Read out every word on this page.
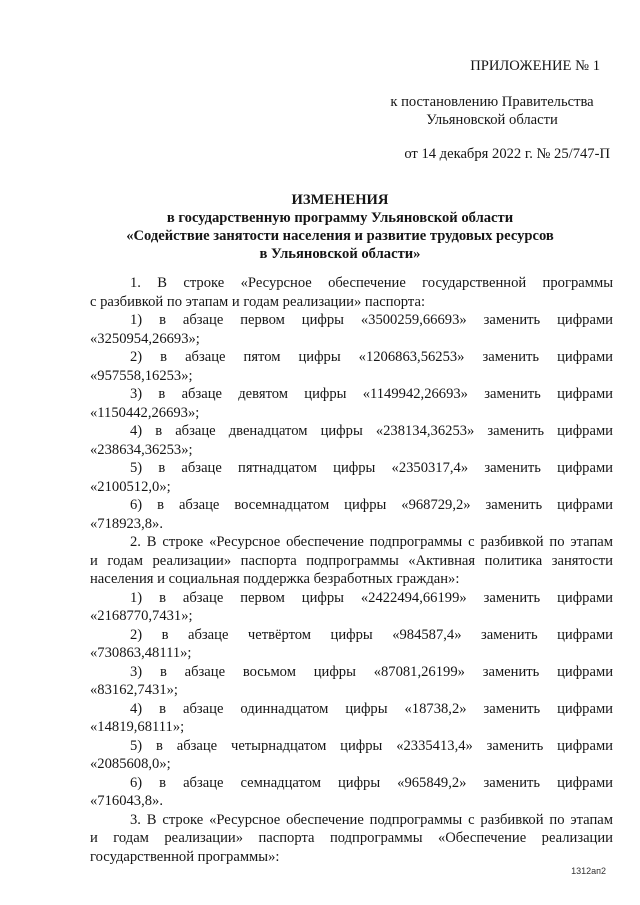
ПРИЛОЖЕНИЕ № 1
к постановлению Правительства
Ульяновской области
от 14 декабря 2022 г. № 25/747-П
ИЗМЕНЕНИЯ
в государственную программу Ульяновской области
«Содействие занятости населения и развитие трудовых ресурсов
в Ульяновской области»
1. В строке «Ресурсное обеспечение государственной программы
с разбивкой по этапам и годам реализации» паспорта:
1) в абзаце первом цифры «3500259,66693» заменить цифрами
«3250954,26693»;
2) в абзаце пятом цифры «1206863,56253» заменить цифрами
«957558,16253»;
3) в абзаце девятом цифры «1149942,26693» заменить цифрами
«1150442,26693»;
4) в абзаце двенадцатом цифры «238134,36253» заменить цифрами
«238634,36253»;
5) в абзаце пятнадцатом цифры «2350317,4» заменить цифрами
«2100512,0»;
6) в абзаце восемнадцатом цифры «968729,2» заменить цифрами
«718923,8».
2. В строке «Ресурсное обеспечение подпрограммы с разбивкой по этапам
и годам реализации» паспорта подпрограммы «Активная политика занятости
населения и социальная поддержка безработных граждан»:
1) в абзаце первом цифры «2422494,66199» заменить цифрами
«2168770,7431»;
2) в абзаце четвёртом цифры «984587,4» заменить цифрами
«730863,48111»;
3) в абзаце восьмом цифры «87081,26199» заменить цифрами
«83162,7431»;
4) в абзаце одиннадцатом цифры «18738,2» заменить цифрами
«14819,68111»;
5) в абзаце четырнадцатом цифры «2335413,4» заменить цифрами
«2085608,0»;
6) в абзаце семнадцатом цифры «965849,2» заменить цифрами
«716043,8».
3. В строке «Ресурсное обеспечение подпрограммы с разбивкой по этапам
и годам реализации» паспорта подпрограммы «Обеспечение реализации
государственной программы»:
1312ап2
